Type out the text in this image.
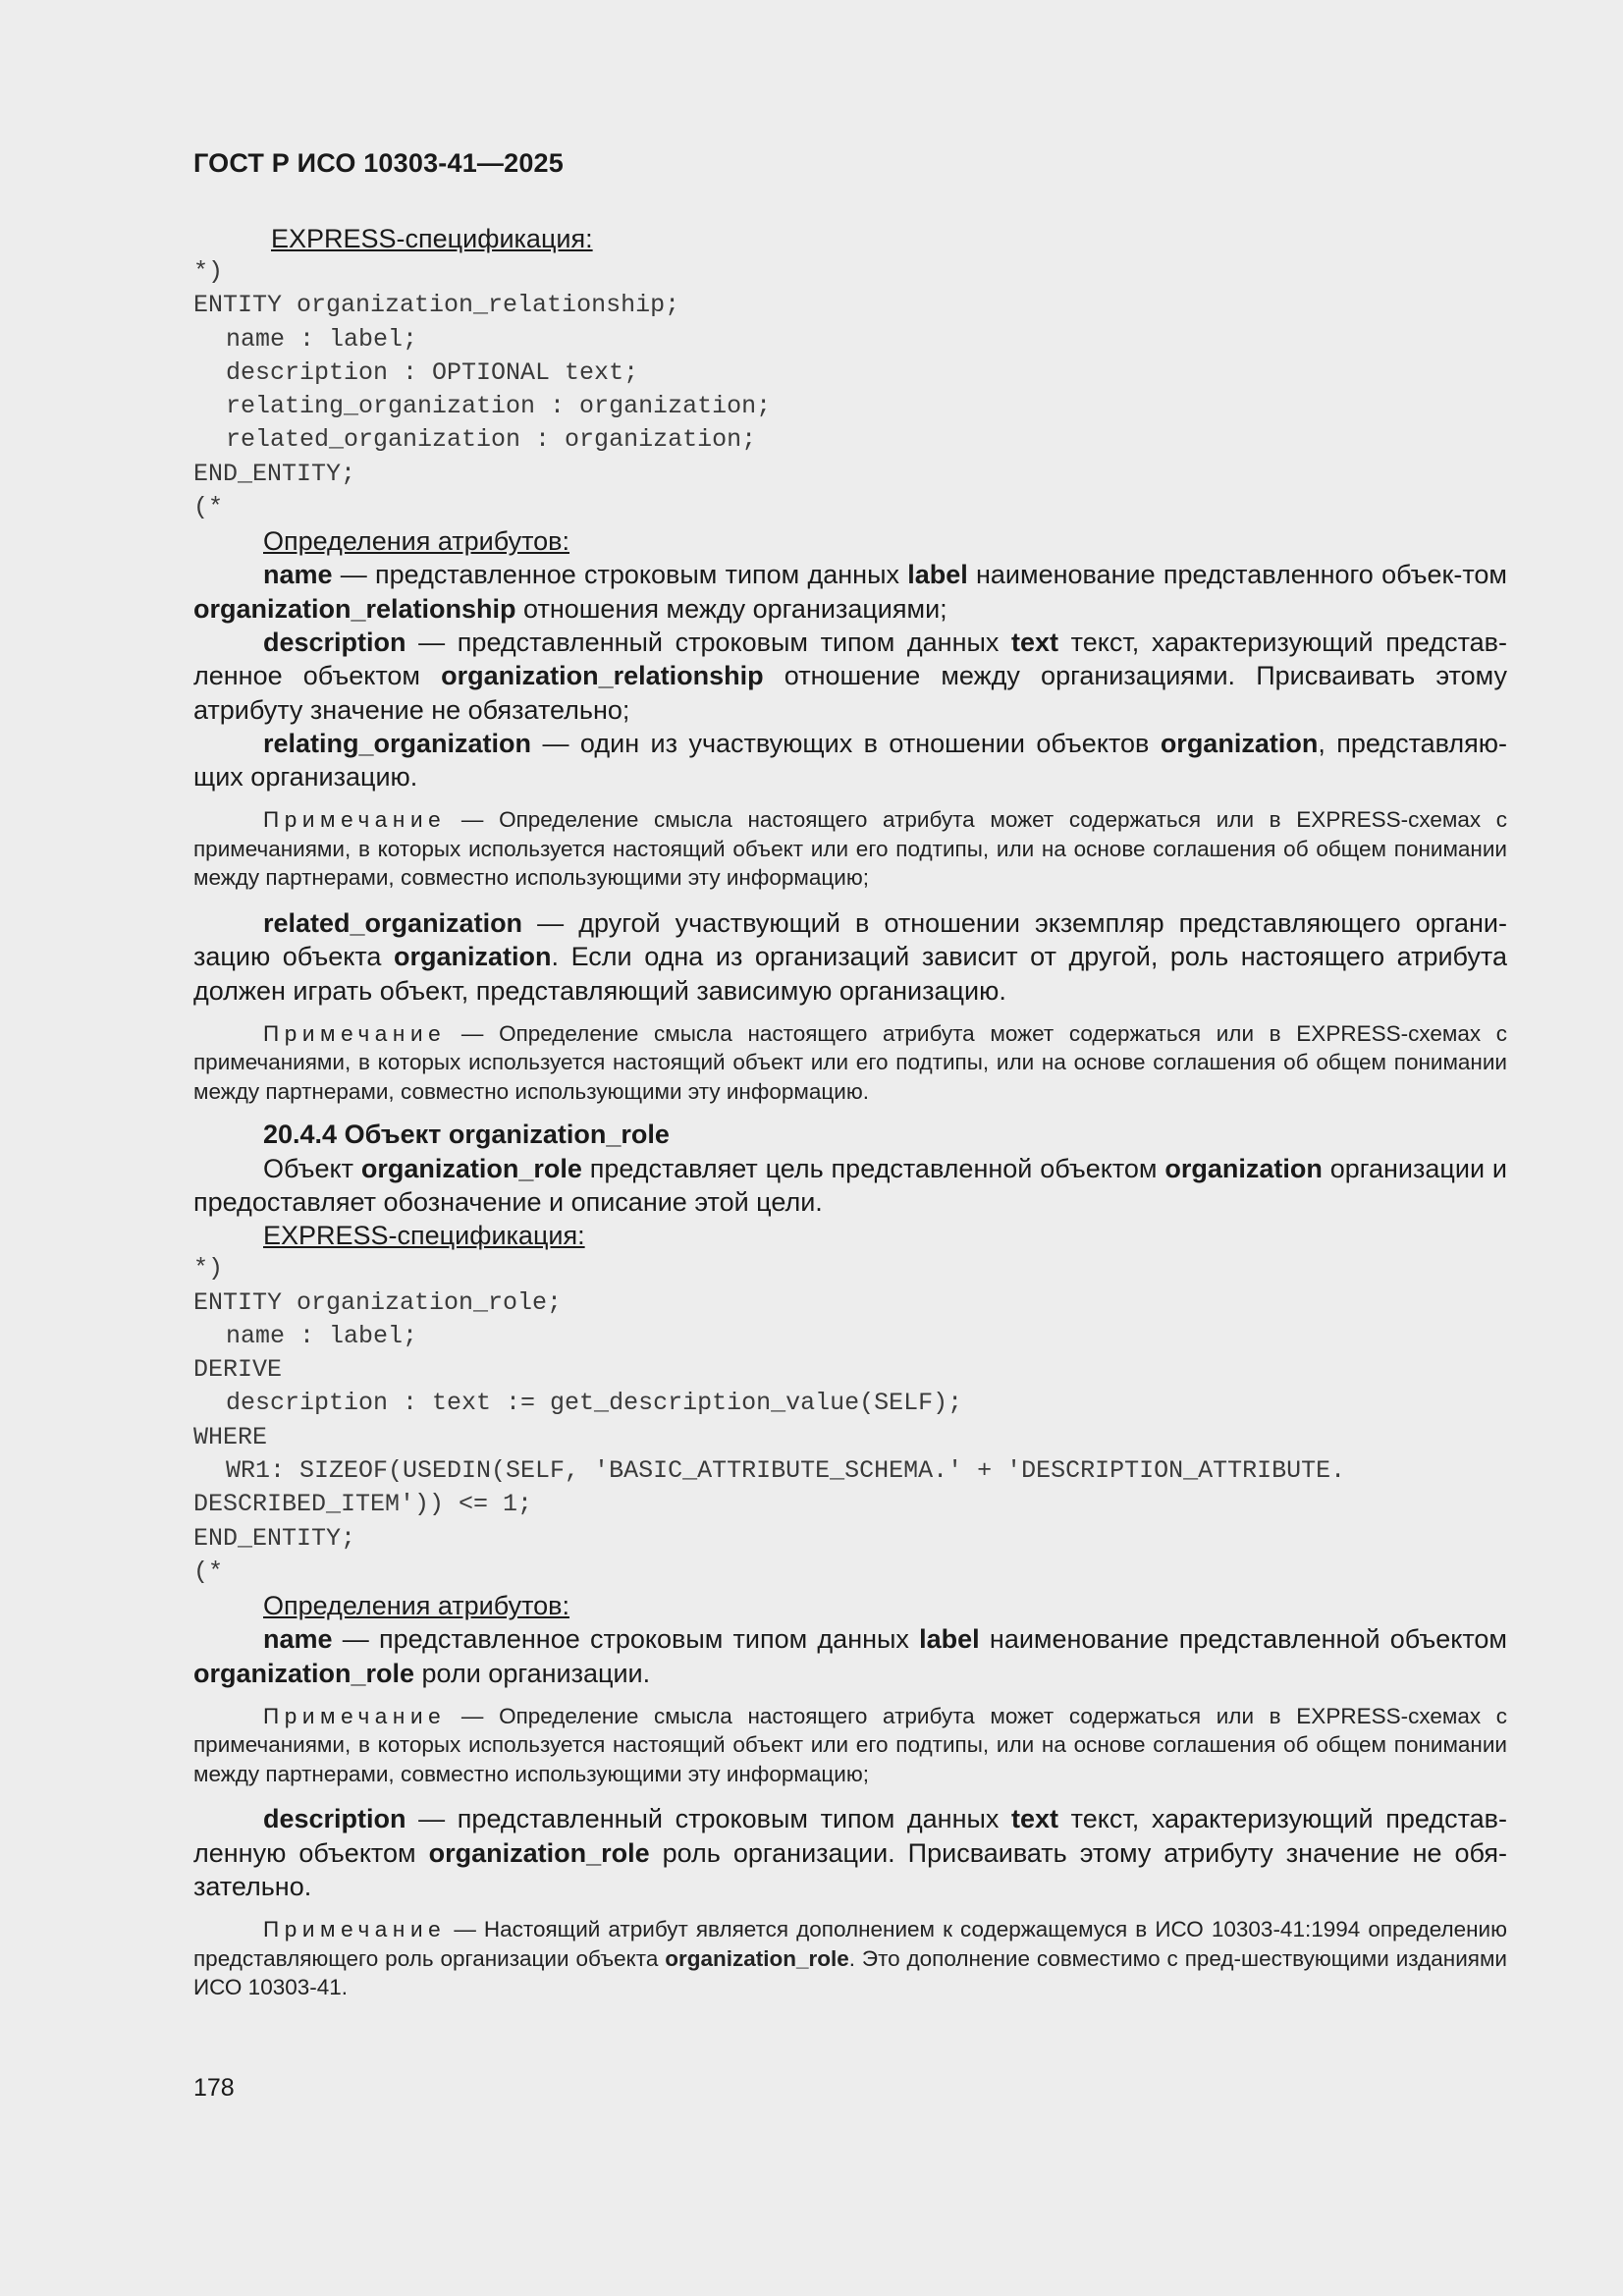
ГОСТ Р ИСО 10303-41—2025
EXPRESS-спецификация:
*)
ENTITY organization_relationship;
name : label;
description : OPTIONAL text;
relating_organization : organization;
related_organization : organization;
END_ENTITY;
(*
Определения атрибутов:

name — представленное строковым типом данных label наименование представленного объек-том organization_relationship отношения между организациями;

description — представленный строковым типом данных text текст, характеризующий представ-ленное объектом organization_relationship отношение между организациями. Присваивать этому атрибуту значение не обязательно;

relating_organization — один из участвующих в отношении объектов organization, представляю-щих организацию.

Примечание — Определение смысла настоящего атрибута может содержаться или в EXPRESS-схемах с примечаниями, в которых используется настоящий объект или его подтипы, или на основе соглашения об общем понимании между партнерами, совместно использующими эту информацию;

related_organization — другой участвующий в отношении экземпляр представляющего органи-зацию объекта organization. Если одна из организаций зависит от другой, роль настоящего атрибута должен играть объект, представляющий зависимую организацию.

Примечание — Определение смысла настоящего атрибута может содержаться или в EXPRESS-схемах с примечаниями, в которых используется настоящий объект или его подтипы, или на основе соглашения об общем понимании между партнерами, совместно использующими эту информацию.

20.4.4 Объект organization_role

Объект organization_role представляет цель представленной объектом organization организации и предоставляет обозначение и описание этой цели.

EXPRESS-спецификация:
*)
ENTITY organization_role;
name : label;
DERIVE
description : text := get_description_value(SELF);
WHERE
WR1: SIZEOF(USEDIN(SELF, 'BASIC_ATTRIBUTE_SCHEMA.' + 'DESCRIPTION_ATTRIBUTE.
DESCRIBED_ITEM')) <= 1;
END_ENTITY;
(*
Определения атрибутов:

name — представленное строковым типом данных label наименование представленной объектом organization_role роли организации.

Примечание — Определение смысла настоящего атрибута может содержаться или в EXPRESS-схемах с примечаниями, в которых используется настоящий объект или его подтипы, или на основе соглашения об общем понимании между партнерами, совместно использующими эту информацию;

description — представленный строковым типом данных text текст, характеризующий представ-ленную объектом organization_role роль организации. Присваивать этому атрибуту значение не обя-зательно.

Примечание — Настоящий атрибут является дополнением к содержащемуся в ИСО 10303-41:1994 определению представляющего роль организации объекта organization_role. Это дополнение совместимо с пред-шествующими изданиями ИСО 10303-41.

178
